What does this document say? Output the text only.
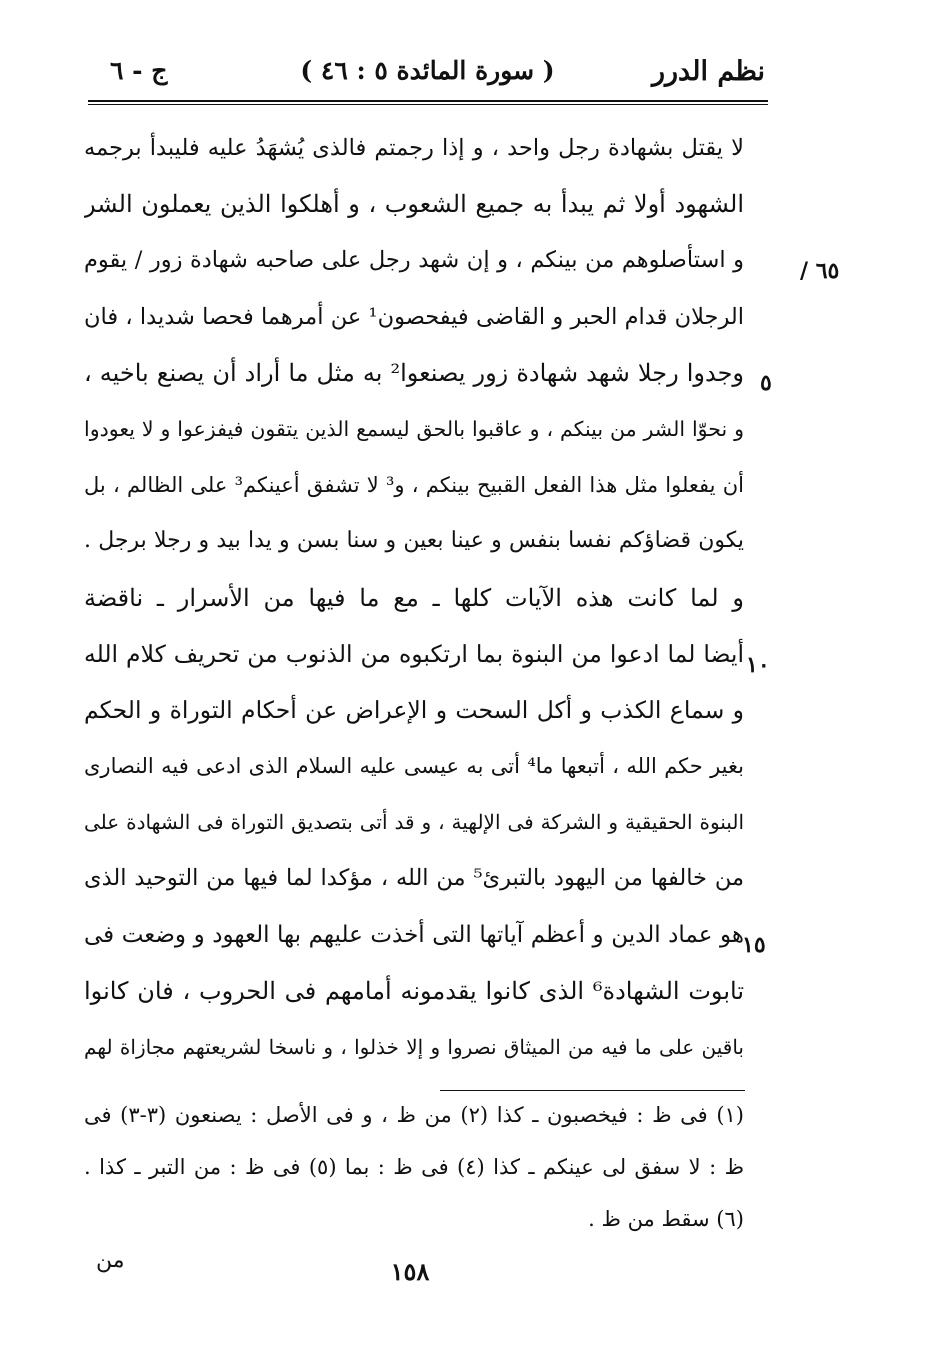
نظم الدرر
( سورة المائدة ٥ : ٤٦ )
ج - ٦
٦٥ /
٥
١٠
١٥
لا يقتل بشهادة رجل واحد ، و إذا رجمتم فالذى يُشهَدُ عليه فليبدأ برجمه
الشهود أولا ثم يبدأ به جميع الشعوب ، و أهلكوا الذين يعملون الشر
و استأصلوهم من بينكم ، و إن شهد رجل على صاحبه شهادة زور / يقوم
الرجلان قدام الحبر و القاضى فيفحصون¹ عن أمرهما فحصا شديدا ، فان
وجدوا رجلا شهد شهادة زور يصنعوا² به مثل ما أراد أن يصنع باخيه ،
و نحوّا الشر من بينكم ، و عاقبوا بالحق ليسمع الذين يتقون فيفزعوا و لا يعودوا
أن يفعلوا مثل هذا الفعل القبيح بينكم ، و³ لا تشفق أعينكم³ على الظالم ، بل
يكون قضاؤكم نفسا بنفس و عينا بعين و سنا بسن و يدا بيد و رجلا برجل .
و لما كانت هذه الآيات كلها ـ مع ما فيها من الأسرار ـ ناقضة
أيضا لما ادعوا من البنوة بما ارتكبوه من الذنوب من تحريف كلام الله
و سماع الكذب و أكل السحت و الإعراض عن أحكام التوراة و الحكم
بغير حكم الله ، أتبعها ما⁴ أتى به عيسى عليه السلام الذى ادعى فيه النصارى
البنوة الحقيقية و الشركة فى الإلهية ، و قد أتى بتصديق التوراة فى الشهادة على
من خالفها من اليهود بالتبرئ⁵ من الله ، مؤكدا لما فيها من التوحيد الذى
هو عماد الدين و أعظم آياتها التى أخذت عليهم بها العهود و وضعت فى
تابوت الشهادة⁶ الذى كانوا يقدمونه أمامهم فى الحروب ، فان كانوا
باقين على ما فيه من الميثاق نصروا و إلا خذلوا ، و ناسخا لشريعتهم مجازاة لهم
(١) فى ظ : فيخصبون ـ كذا (٢) من ظ ، و فى الأصل : يصنعون (٣-٣) فى
ظ : لا سفق لى عينكم ـ كذا (٤) فى ظ : بما (٥) فى ظ : من التبر ـ كذا .
(٦) سقط من ظ .
من	١٥٨
